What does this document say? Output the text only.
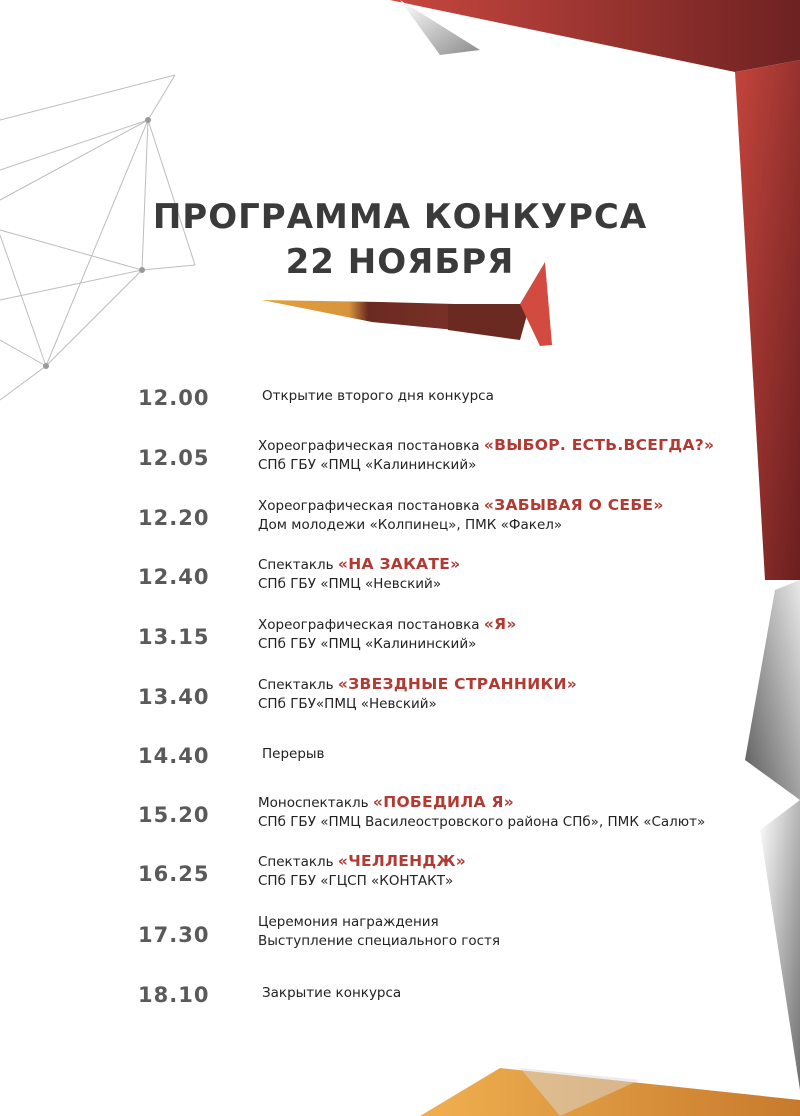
ПРОГРАММА КОНКУРСА
22 НОЯБРЯ
12.00	Открытие второго дня конкурса
12.05	Хореографическая постановка «ВЫБОР. ЕСТЬ.ВСЕГДА?»
СПб ГБУ «ПМЦ «Калининский»
12.20	Хореографическая постановка «ЗАБЫВАЯ О СЕБЕ»
Дом молодежи «Колпинец», ПМК «Факел»
12.40	Спектакль «НА ЗАКАТЕ»
СПб ГБУ «ПМЦ «Невский»
13.15	Хореографическая постановка «Я»
СПб ГБУ «ПМЦ «Калининский»
13.40	Спектакль «ЗВЕЗДНЫЕ СТРАННИКИ»
СПб ГБУ«ПМЦ «Невский»
14.40	Перерыв
15.20	Моноспектакль «ПОБЕДИЛА Я»
СПб ГБУ «ПМЦ Василеостровского района СПб», ПМК «Салют»
16.25	Спектакль «ЧЕЛЛЕНДЖ»
СПб ГБУ «ГЦСП «КОНТАКТ»
17.30
Церемония награждения
Выступление специального гостя
18.10	Закрытие конкурса
